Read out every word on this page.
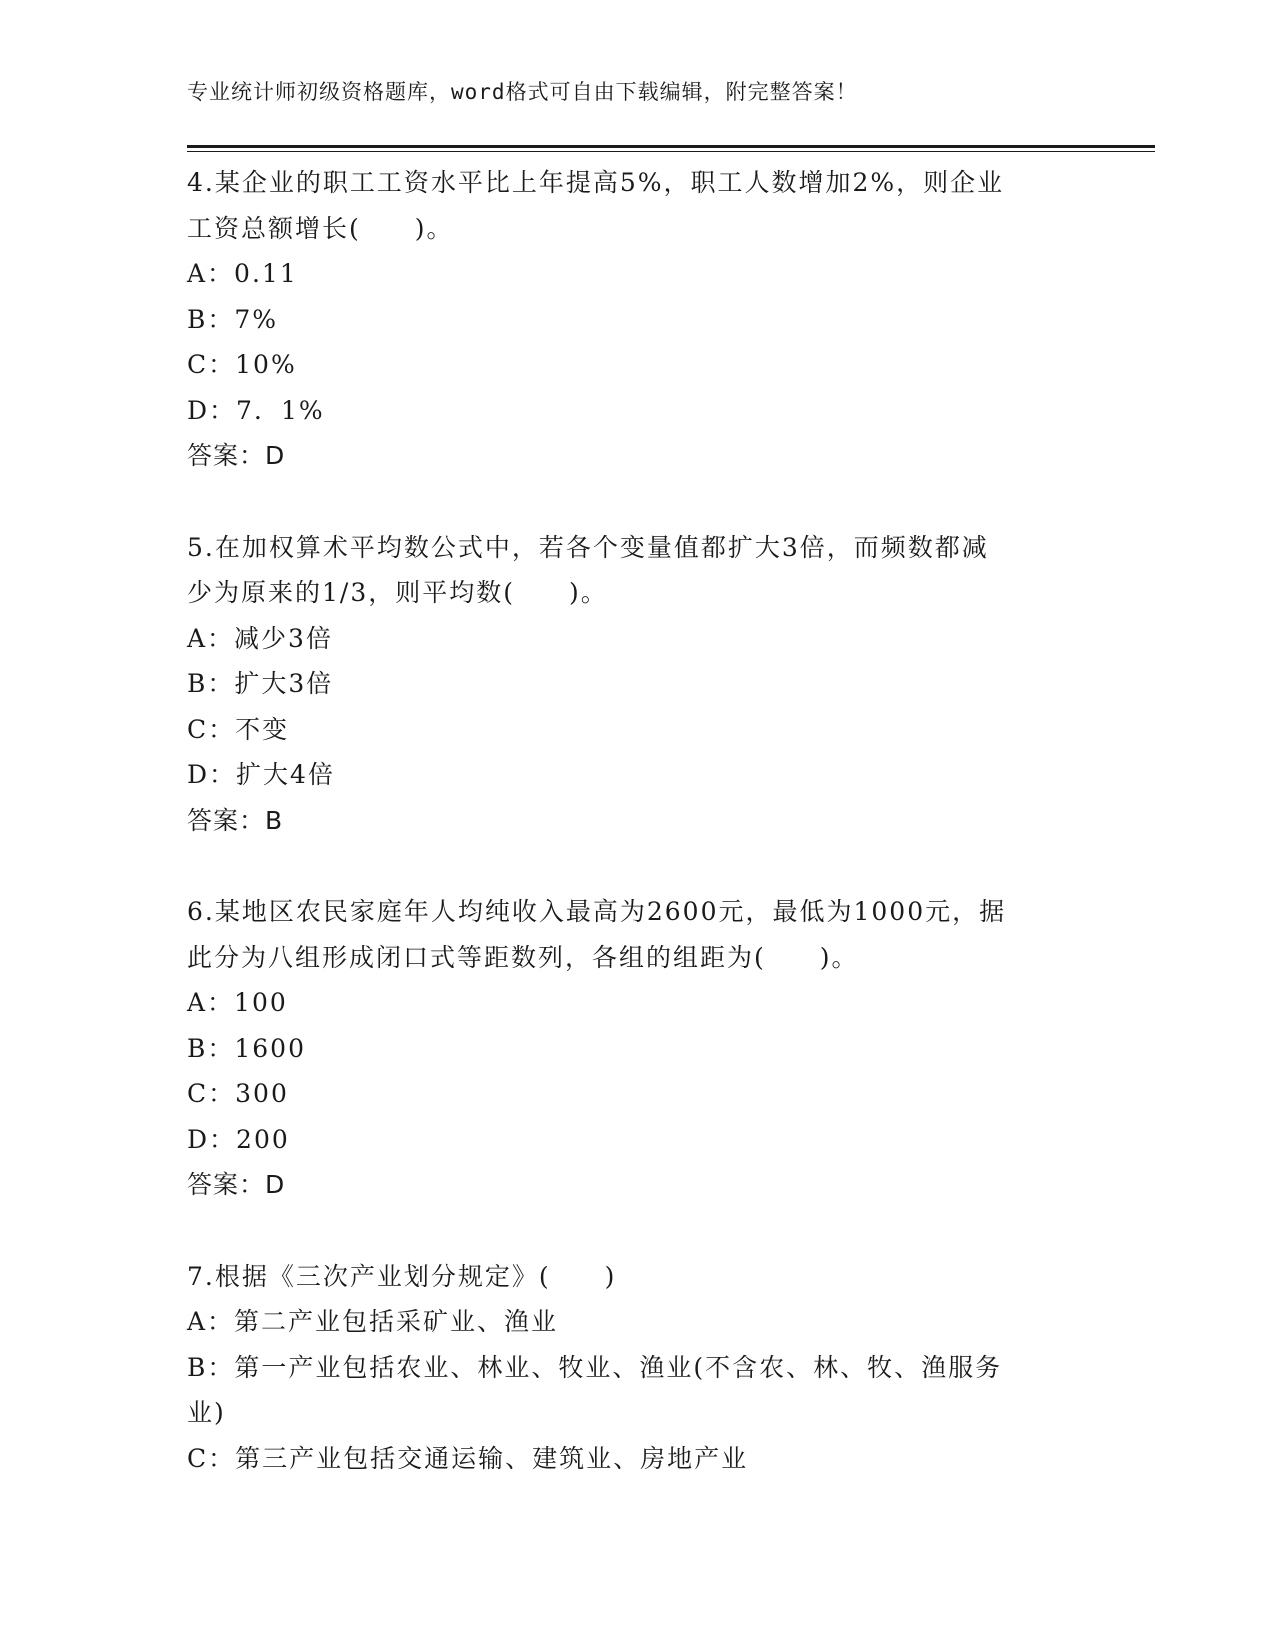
专业统计师初级资格题库，word格式可自由下载编辑，附完整答案！
4.某企业的职工工资水平比上年提高5%，职工人数增加2%，则企业
工资总额增长(　　)。
A：0.11
B：7%
C：10%
D：7．1%
答案：D
5.在加权算术平均数公式中，若各个变量值都扩大3倍，而频数都减
少为原来的1/3，则平均数(　　)。
A：减少3倍
B：扩大3倍
C：不变
D：扩大4倍
答案：B
6.某地区农民家庭年人均纯收入最高为2600元，最低为1000元，据
此分为八组形成闭口式等距数列，各组的组距为(　　)。
A：100
B：1600
C：300
D：200
答案：D
7.根据《三次产业划分规定》(　　)
A：第二产业包括采矿业、渔业
B：第一产业包括农业、林业、牧业、渔业(不含农、林、牧、渔服务
业)
C：第三产业包括交通运输、建筑业、房地产业
